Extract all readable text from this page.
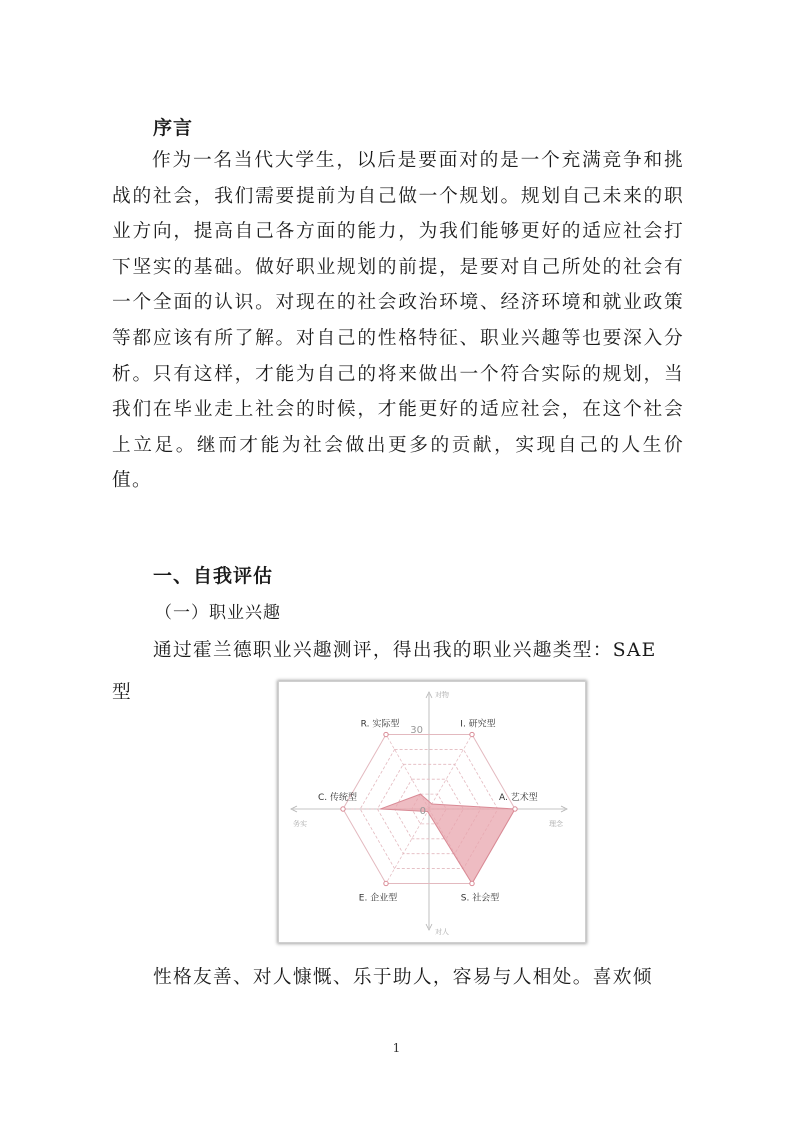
序言

作为一名当代大学生，以后是要面对的是一个充满竞争和挑战的社会，我们需要提前为自己做一个规划。规划自己未来的职业方向，提高自己各方面的能力，为我们能够更好的适应社会打下坚实的基础。做好职业规划的前提，是要对自己所处的社会有一个全面的认识。对现在的社会政治环境、经济环境和就业政策等都应该有所了解。对自己的性格特征、职业兴趣等也要深入分析。只有这样，才能为自己的将来做出一个符合实际的规划，当我们在毕业走上社会的时候，才能更好的适应社会，在这个社会上立足。继而才能为社会做出更多的贡献，实现自己的人生价值。

一、自我评估
（一）职业兴趣
通过霍兰德职业兴趣测评，得出我的职业兴趣类型：SAE
型
30
0
R. 实际型	I. 研究型
A. 艺术型
S. 社会型
E. 企业型
C. 传统型
对物
对人
务实	理念
性格友善、对人慷慨、乐于助人，容易与人相处。喜欢倾
1
